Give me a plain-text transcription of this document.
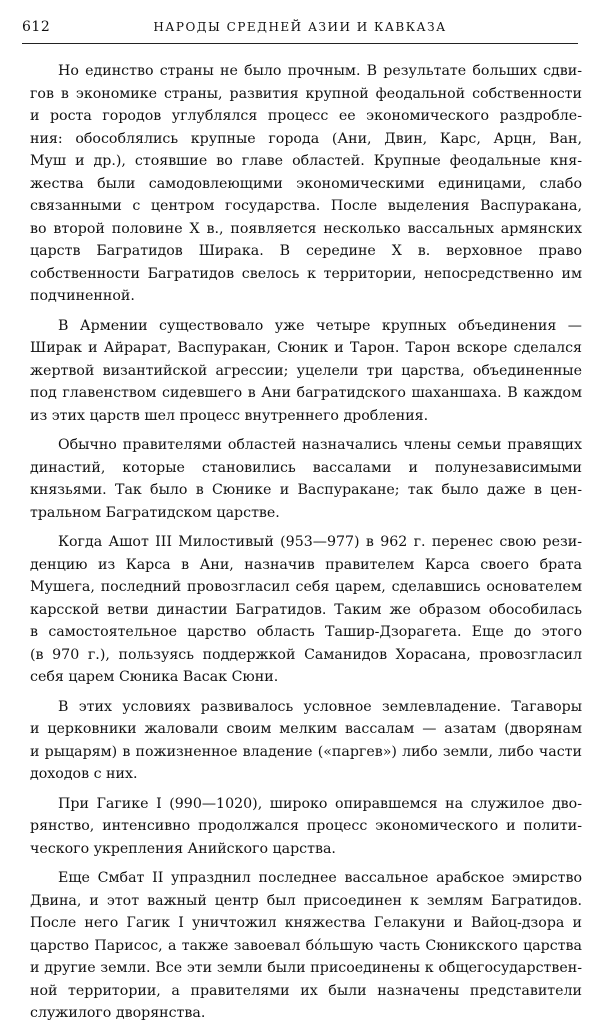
612	НАРОДЫ СРЕДНЕЙ АЗИИ И КАВКАЗА
Но единство страны не было прочным. В результате больших сдви-
гов в экономике страны, развития крупной феодальной собственности
и роста городов углублялся процесс ее экономического раздробле-
ния: обособлялись крупные города (Ани, Двин, Карс, Арцн, Ван,
Муш и др.), стоявшие во главе областей. Крупные феодальные кня-
жества были самодовлеющими экономическими единицами, слабо
связанными с центром государства. После выделения Васпуракана,
во второй половине X в., появляется несколько вассальных армянских
царств Багратидов Ширака. В середине X в. верховное право
собственности Багратидов свелось к территории, непосредственно им
подчиненной.
В Армении существовало уже четыре крупных объединения —
Ширак и Айрарат, Васпуракан, Сюник и Тарон. Тарон вскоре сделался
жертвой византийской агрессии; уцелели три царства, объединенные
под главенством сидевшего в Ани багратидского шаханшаха. В каждом
из этих царств шел процесс внутреннего дробления.
Обычно правителями областей назначались члены семьи правящих
династий, которые становились вассалами и полунезависимыми
князьями. Так было в Сюнике и Васпуракане; так было даже в цен-
тральном Багратидском царстве.
Когда Ашот III Милостивый (953—977) в 962 г. перенес свою рези-
денцию из Карса в Ани, назначив правителем Карса своего брата
Мушега, последний провозгласил себя царем, сделавшись основателем
карсской ветви династии Багратидов. Таким же образом обособилась
в самостоятельное царство область Ташир-Дзорагета. Еще до этого
(в 970 г.), пользуясь поддержкой Саманидов Хорасана, провозгласил
себя царем Сюника Васак Сюни.
В этих условиях развивалось условное землевладение. Тагаворы
и церковники жаловали своим мелким вассалам — азатам (дворянам
и рыцарям) в пожизненное владение («паргев») либо земли, либо части
доходов с них.
При Гагике I (990—1020), широко опиравшемся на служилое дво-
рянство, интенсивно продолжался процесс экономического и полити-
ческого укрепления Анийского царства.
Еще Смбат II упразднил последнее вассальное арабское эмирство
Двина, и этот важный центр был присоединен к землям Багратидов.
После него Гагик I уничтожил княжества Гелакуни и Вайоц-дзора и
царство Парисос, а также завоевал бóльшую часть Сюникского царства
и другие земли. Все эти земли были присоединены к общегосударствен-
ной территории, а правителями их были назначены представители
служилого дворянства.
